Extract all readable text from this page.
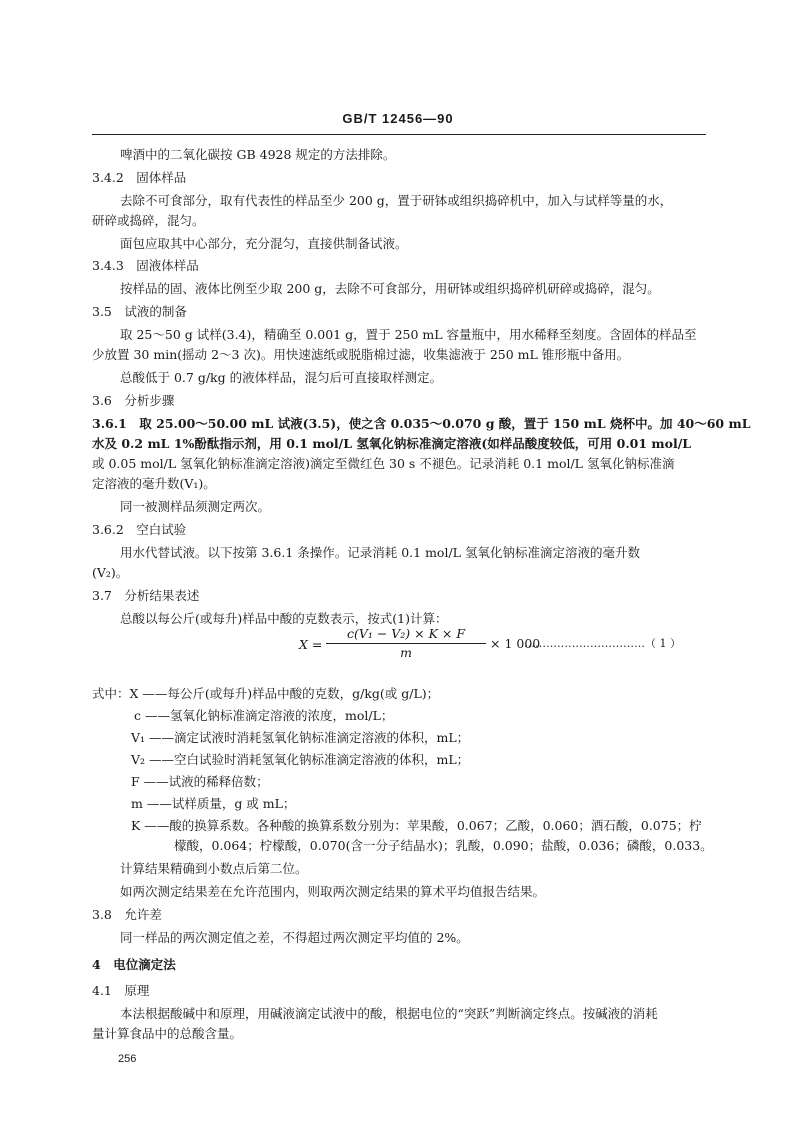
GB/T 12456—90
啤酒中的二氧化碳按 GB 4928 规定的方法排除。
3.4.2　固体样品
去除不可食部分，取有代表性的样品至少 200 g，置于研钵或组织捣碎机中，加入与试样等量的水，
研碎或捣碎，混匀。
面包应取其中心部分，充分混匀，直接供制备试液。
3.4.3　固液体样品
按样品的固、液体比例至少取 200 g，去除不可食部分，用研钵或组织捣碎机研碎或捣碎，混匀。
3.5　试液的制备
取 25～50 g 试样(3.4)，精确至 0.001 g，置于 250 mL 容量瓶中，用水稀释至刻度。含固体的样品至
少放置 30 min(摇动 2～3 次)。用快速滤纸或脱脂棉过滤，收集滤液于 250 mL 锥形瓶中备用。
总酸低于 0.7 g/kg 的液体样品，混匀后可直接取样测定。
3.6　分析步骤
3.6.1　取 25.00～50.00 mL 试液(3.5)，使之含 0.035～0.070 g 酸，置于 150 mL 烧杯中。加 40～60 mL
水及 0.2 mL 1%酚酞指示剂，用 0.1 mol/L 氢氧化钠标准滴定溶液(如样品酸度较低，可用 0.01 mol/L
或 0.05 mol/L 氢氧化钠标准滴定溶液)滴定至微红色 30 s 不褪色。记录消耗 0.1 mol/L 氢氧化钠标准滴
定溶液的毫升数(V₁)。
同一被测样品须测定两次。
3.6.2　空白试验
用水代替试液。以下按第 3.6.1 条操作。记录消耗 0.1 mol/L 氢氧化钠标准滴定溶液的毫升数
(V₂)。
3.7　分析结果表述
总酸以每公斤(或每升)样品中酸的克数表示，按式(1)计算：
X =
c(V₁ − V₂) × K × F
m
× 1 000
……………………………（ 1 ）
式中：X ——每公斤(或每升)样品中酸的克数，g/kg(或 g/L)；
c ——氢氧化钠标准滴定溶液的浓度，mol/L；
V₁ ——滴定试液时消耗氢氧化钠标准滴定溶液的体积，mL；
V₂ ——空白试验时消耗氢氧化钠标准滴定溶液的体积，mL；
F ——试液的稀释倍数；
m ——试样质量，g 或 mL；
K ——酸的换算系数。各种酸的换算系数分别为：苹果酸，0.067；乙酸，0.060；酒石酸，0.075；柠
檬酸，0.064；柠檬酸，0.070(含一分子结晶水)；乳酸，0.090；盐酸，0.036；磷酸，0.033。
计算结果精确到小数点后第二位。
如两次测定结果差在允许范围内，则取两次测定结果的算术平均值报告结果。
3.8　允许差
同一样品的两次测定值之差，不得超过两次测定平均值的 2%。
4　电位滴定法
4.1　原理
本法根据酸碱中和原理，用碱液滴定试液中的酸，根据电位的“突跃”判断滴定终点。按碱液的消耗
量计算食品中的总酸含量。
256
